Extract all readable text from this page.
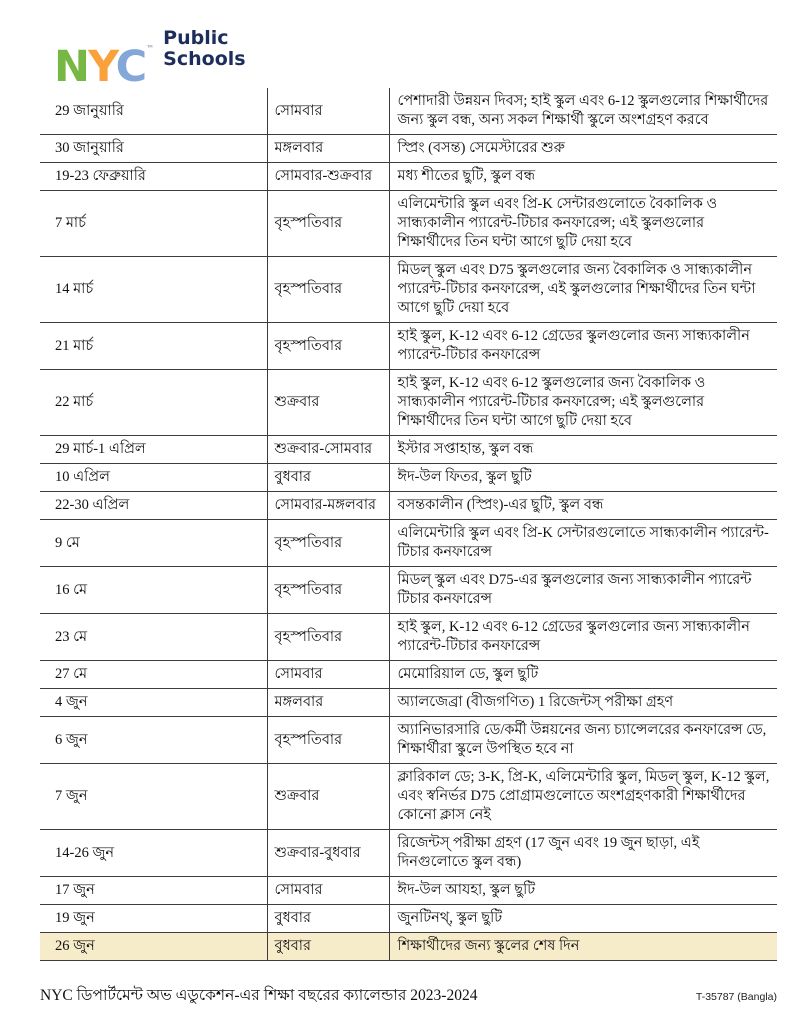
NYC™ Public
Schools
29 জানুয়ারি	সোমবার	পেশাদারী উন্নয়ন দিবস; হাই স্কুল এবং 6-12 স্কুলগুলোর শিক্ষার্থীদের জন্য স্কুল বন্ধ, অন্য সকল শিক্ষার্থী স্কুলে অংশগ্রহণ করবে
30 জানুয়ারি	মঙ্গলবার	স্প্রিং (বসন্ত) সেমেস্টারের শুরু
19-23 ফেব্রুয়ারি	সোমবার-শুক্রবার	মধ্য শীতের ছুটি, স্কুল বন্ধ
7 মার্চ	বৃহস্পতিবার	এলিমেন্টারি স্কুল এবং প্রি-K সেন্টারগুলোতে বৈকালিক ও সান্ধ্যকালীন প্যারেন্ট-টিচার কনফারেন্স; এই স্কুলগুলোর শিক্ষার্থীদের তিন ঘন্টা আগে ছুটি দেয়া হবে
14 মার্চ	বৃহস্পতিবার	মিডল্ স্কুল এবং D75 স্কুলগুলোর জন্য বৈকালিক ও সান্ধ্যকালীন প্যারেন্ট-টিচার কনফারেন্স, এই স্কুলগুলোর শিক্ষার্থীদের তিন ঘন্টা আগে ছুটি দেয়া হবে
21 মার্চ	বৃহস্পতিবার	হাই স্কুল, K-12 এবং 6-12 গ্রেডের স্কুলগুলোর জন্য সান্ধ্যকালীন প্যারেন্ট-টিচার কনফারেন্স
22 মার্চ	শুক্রবার	হাই স্কুল, K-12 এবং 6-12 স্কুলগুলোর জন্য বৈকালিক ও সান্ধ্যকালীন প্যারেন্ট-টিচার কনফারেন্স; এই স্কুলগুলোর শিক্ষার্থীদের তিন ঘন্টা আগে ছুটি দেয়া হবে
29 মার্চ-1 এপ্রিল	শুক্রবার-সোমবার	ইস্টার সপ্তাহান্ত, স্কুল বন্ধ
10 এপ্রিল	বুধবার	ঈদ-উল ফিতর, স্কুল ছুটি
22-30 এপ্রিল	সোমবার-মঙ্গলবার	বসন্তকালীন (স্প্রিং)-এর ছুটি, স্কুল বন্ধ
9 মে	বৃহস্পতিবার	এলিমেন্টারি স্কুল এবং প্রি-K সেন্টারগুলোতে সান্ধ্যকালীন প্যারেন্ট-টিচার কনফারেন্স
16 মে	বৃহস্পতিবার	মিডল্ স্কুল এবং D75-এর স্কুলগুলোর জন্য সান্ধ্যকালীন প্যারেন্ট টিচার কনফারেন্স
23 মে	বৃহস্পতিবার	হাই স্কুল, K-12 এবং 6-12 গ্রেডের স্কুলগুলোর জন্য সান্ধ্যকালীন প্যারেন্ট-টিচার কনফারেন্স
27 মে	সোমবার	মেমোরিয়াল ডে, স্কুল ছুটি
4 জুন	মঙ্গলবার	অ্যালজেব্রা (বীজগণিত) 1 রিজেন্টস্ পরীক্ষা গ্রহণ
6 জুন	বৃহস্পতিবার	অ্যানিভারসারি ডে/কর্মী উন্নয়নের জন্য চ্যান্সেলরের কনফারেন্স ডে, শিক্ষার্থীরা স্কুলে উপস্থিত হবে না
7 জুন	শুক্রবার	ক্লারিকাল ডে; 3-K, প্রি-K, এলিমেন্টারি স্কুল, মিডল্ স্কুল, K-12 স্কুল, এবং স্বনির্ভর D75 প্রোগ্রামগুলোতে অংশগ্রহণকারী শিক্ষার্থীদের কোনো ক্লাস নেই
14-26 জুন	শুক্রবার-বুধবার	রিজেন্টস্ পরীক্ষা গ্রহণ (17 জুন এবং 19 জুন ছাড়া, এই দিনগুলোতে স্কুল বন্ধ)
17 জুন	সোমবার	ঈদ-উল আযহা, স্কুল ছুটি
19 জুন	বুধবার	জুনটিনথ্, স্কুল ছুটি
26 জুন	বুধবার	শিক্ষার্থীদের জন্য স্কুলের শেষ দিন
NYC ডিপার্টমেন্ট অভ এডুকেশন-এর শিক্ষা বছরের ক্যালেন্ডার 2023-2024	T-35787 (Bangla)
